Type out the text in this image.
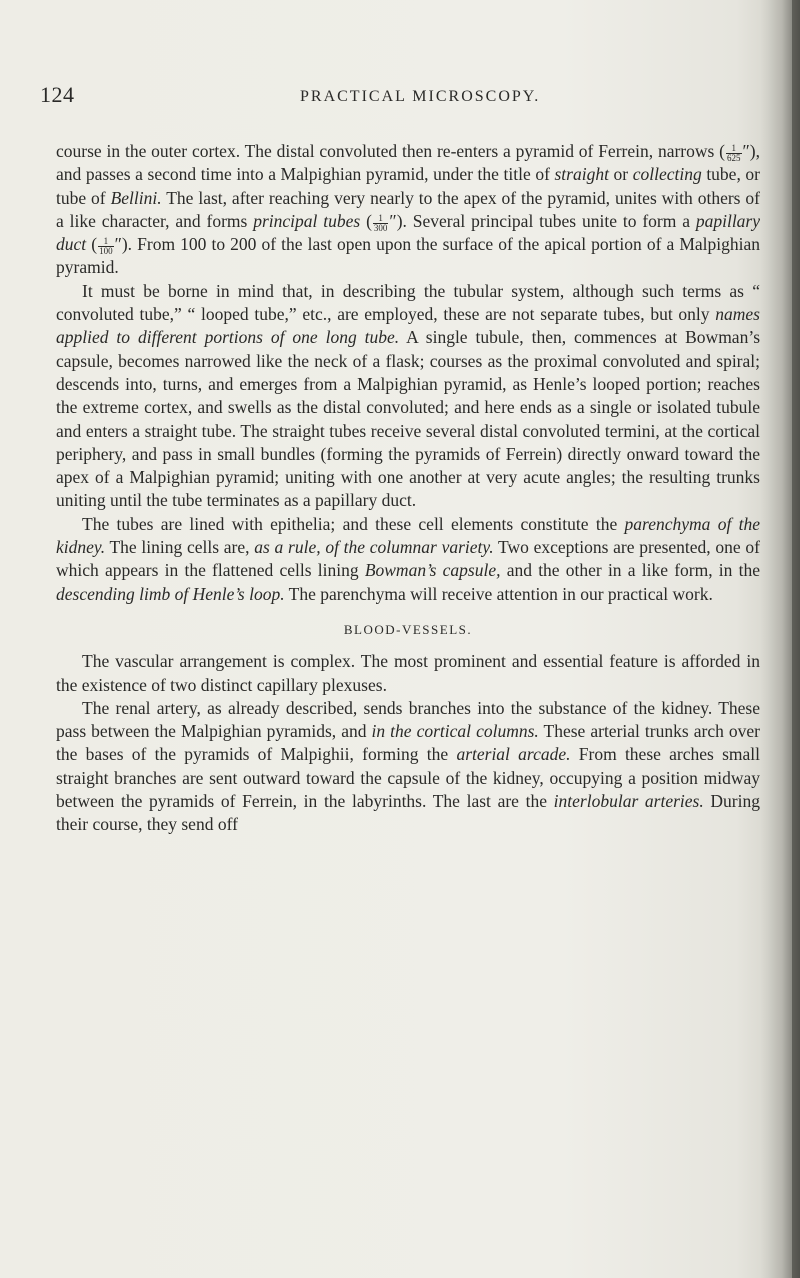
124	PRACTICAL MICROSCOPY.

course in the outer cortex. The distal convoluted then re-enters a pyramid of Ferrein, narrows ( $\frac{1}{625}$ ″), and passes a second time into a Malpighian pyramid, under the title of straight or collecting tube, or tube of Bellini. The last, after reaching very nearly to the apex of the pyramid, unites with others of a like character, and forms principal tubes ( $\frac{1}{300}$ ″). Several principal tubes unite to form a papillary duct ( $\frac{1}{100}$ ″). From 100 to 200 of the last open upon the surface of the apical portion of a Malpighian pyramid.

It must be borne in mind that, in describing the tubular system, although such terms as “ convoluted tube,” “ looped tube,” etc., are employed, these are not separate tubes, but only names applied to different portions of one long tube. A single tubule, then, commences at Bowman’s capsule, becomes narrowed like the neck of a flask; courses as the proximal convoluted and spiral; descends into, turns, and emerges from a Malpighian pyramid, as Henle’s looped portion; reaches the extreme cortex, and swells as the distal convoluted; and here ends as a single or isolated tubule and enters a straight tube. The straight tubes receive several distal convoluted termini, at the cortical periphery, and pass in small bundles (forming the pyramids of Ferrein) directly onward toward the apex of a Malpighian pyramid; uniting with one another at very acute angles; the resulting trunks uniting until the tube terminates as a papillary duct.

The tubes are lined with epithelia; and these cell elements constitute the parenchyma of the kidney. The lining cells are, as a rule, of the columnar variety. Two exceptions are presented, one of which appears in the flattened cells lining Bowman’s capsule, and the other in a like form, in the descending limb of Henle’s loop. The parenchyma will receive attention in our practical work.

BLOOD-VESSELS.

The vascular arrangement is complex. The most prominent and essential feature is afforded in the existence of two distinct capillary plexuses.

The renal artery, as already described, sends branches into the substance of the kidney. These pass between the Malpighian pyramids, and in the cortical columns. These arterial trunks arch over the bases of the pyramids of Malpighii, forming the arterial arcade. From these arches small straight branches are sent outward toward the capsule of the kidney, occupying a position midway between the pyramids of Ferrein, in the labyrinths. The last are the interlobular arteries. During their course, they send off
